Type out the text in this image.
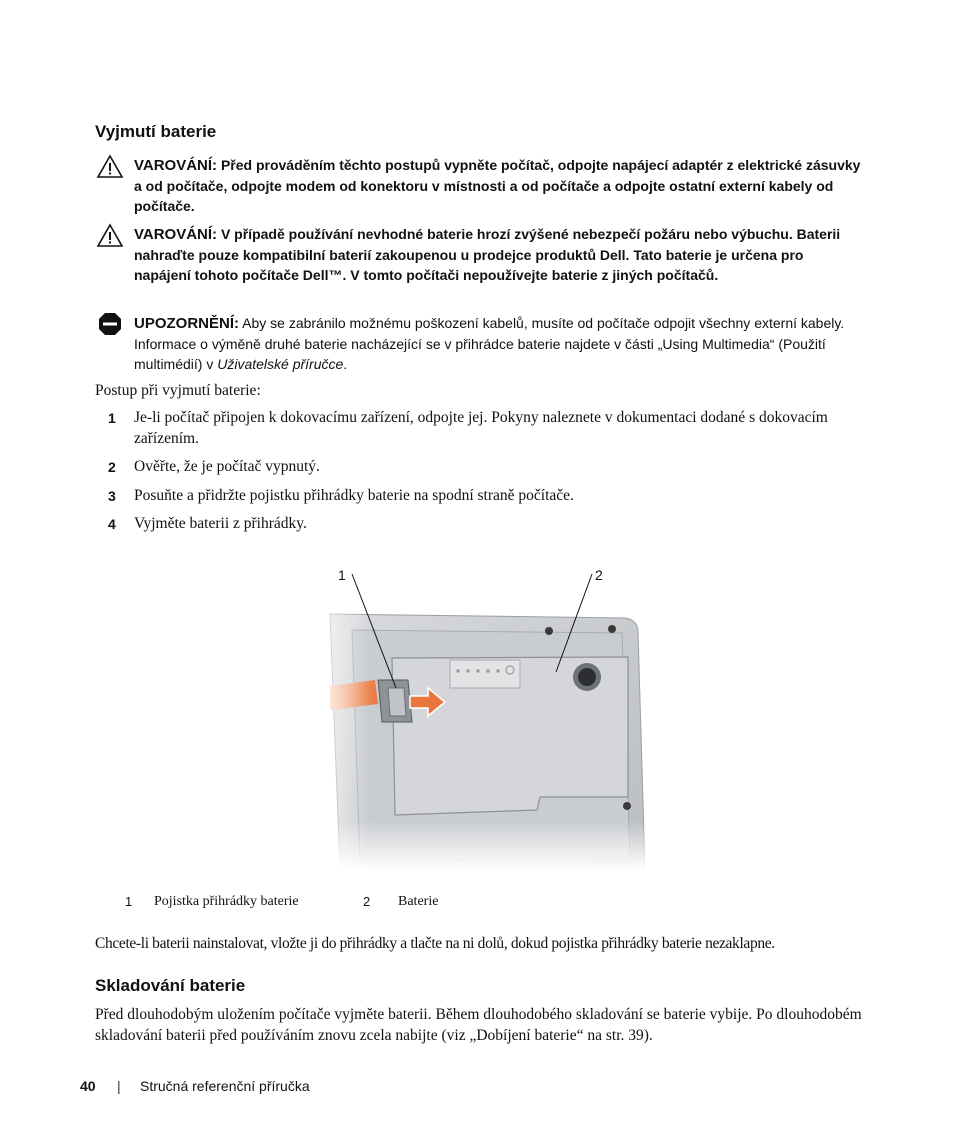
Vyjmutí baterie
VAROVÁNÍ: Před prováděním těchto postupů vypněte počítač, odpojte napájecí adaptér z elektrické zásuvky a od počítače, odpojte modem od konektoru v místnosti a od počítače a odpojte ostatní externí kabely od počítače.
VAROVÁNÍ: V případě používání nevhodné baterie hrozí zvýšené nebezpečí požáru nebo výbuchu. Baterii nahraďte pouze kompatibilní baterií zakoupenou u prodejce produktů Dell. Tato baterie je určena pro napájení tohoto počítače Dell™. V tomto počítači nepoužívejte baterie z jiných počítačů.
UPOZORNĚNÍ: Aby se zabránilo možnému poškození kabelů, musíte od počítače odpojit všechny externí kabely. Informace o výměně druhé baterie nacházející se v přihrádce baterie najdete v části „Using Multimedia“ (Použití multimédií) v Uživatelské příručce.
Postup při vyjmutí baterie:
1 Je-li počítač připojen k dokovacímu zařízení, odpojte jej. Pokyny naleznete v dokumentaci dodané s dokovacím zařízením.
2 Ověřte, že je počítač vypnutý.
3 Posuňte a přidržte pojistku přihrádky baterie na spodní straně počítače.
4 Vyjměte baterii z přihrádky.
1	2
1 Pojistka přihrádky baterie	2 Baterie
Chcete-li baterii nainstalovat, vložte ji do přihrádky a tlačte na ni dolů, dokud pojistka přihrádky baterie nezaklapne.
Skladování baterie
Před dlouhodobým uložením počítače vyjměte baterii. Během dlouhodobého skladování se baterie vybije. Po dlouhodobém skladování baterii před používáním znovu zcela nabijte (viz „Dobíjení baterie“ na str. 39).
40 | Stručná referenční příručka
